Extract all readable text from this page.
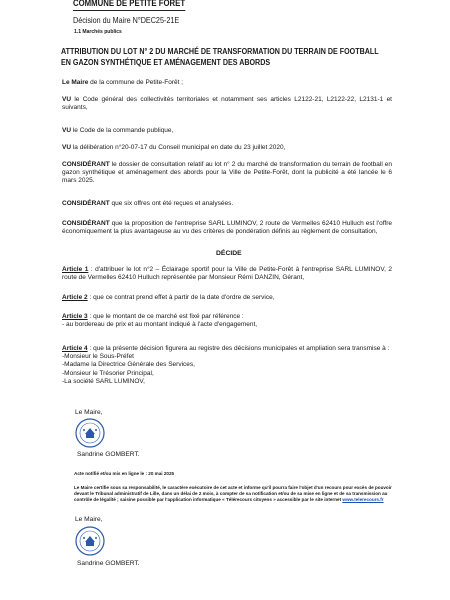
COMMUNE DE PETITE FORET
Décision du Maire N°DEC25-21E
1.1 Marchés publics
ATTRIBUTION DU LOT N° 2 DU MARCHÉ DE TRANSFORMATION DU TERRAIN DE FOOTBALL
EN GAZON SYNTHÉTIQUE ET AMÉNAGEMENT DES ABORDS
Le Maire de la commune de Petite-Forêt ;
VU le Code général des collectivités territoriales et notamment ses articles L2122-21, L2122-22, L2131-1 et suivants,
VU le Code de la commande publique,
VU la délibération n°20-07-17 du Conseil municipal en date du 23 juillet 2020,
CONSIDÉRANT le dossier de consultation relatif au lot n° 2 du marché de transformation du terrain de football en gazon synthétique et aménagement des abords pour la Ville de Petite-Forêt, dont la publicité a été lancée le 6 mars 2025.
CONSIDÉRANT que six offres ont été reçues et analysées.
CONSIDÉRANT que la proposition de l'entreprise SARL LUMINOV, 2 route de Vermelles 62410 Hulluch est l'offre économiquement la plus avantageuse au vu des critères de pondération définis au règlement de consultation,
DÉCIDE
Article 1 : d'attribuer le lot n°2 – Éclairage sportif pour la Ville de Petite-Forêt à l'entreprise SARL LUMINOV, 2 route de Vermelles 62410 Hulluch représentée par Monsieur Rémi DANZIN, Gérant,
Article 2 : que ce contrat prend effet à partir de la date d'ordre de service,
Article 3 : que le montant de ce marché est fixé par référence :
- au bordereau de prix et au montant indiqué à l'acte d'engagement,
Article 4 : que la présente décision figurera au registre des décisions municipales et ampliation sera transmise à :
-Monsieur le Sous-Préfet
-Madame la Directrice Générale des Services,
-Monsieur le Trésorier Principal,
-La société SARL LUMINOV,
Le Maire,
Sandrine GOMBERT.
Acte notifié et/ou mis en ligne le : 20 mai 2025
Le Maire certifie sous sa responsabilité, le caractère exécutoire de cet acte et informe qu'il pourra faire l'objet d'un recours pour excès de pouvoir devant le Tribunal administratif de Lille, dans un délai de 2 mois, à compter de sa notification et/ou de sa mise en ligne et de sa transmission au contrôle de légalité ; saisine possible par l'application informatique « Télérecours citoyens » accessible par le site internet www.telerecours.fr
Le Maire,
Sandrine GOMBERT.
